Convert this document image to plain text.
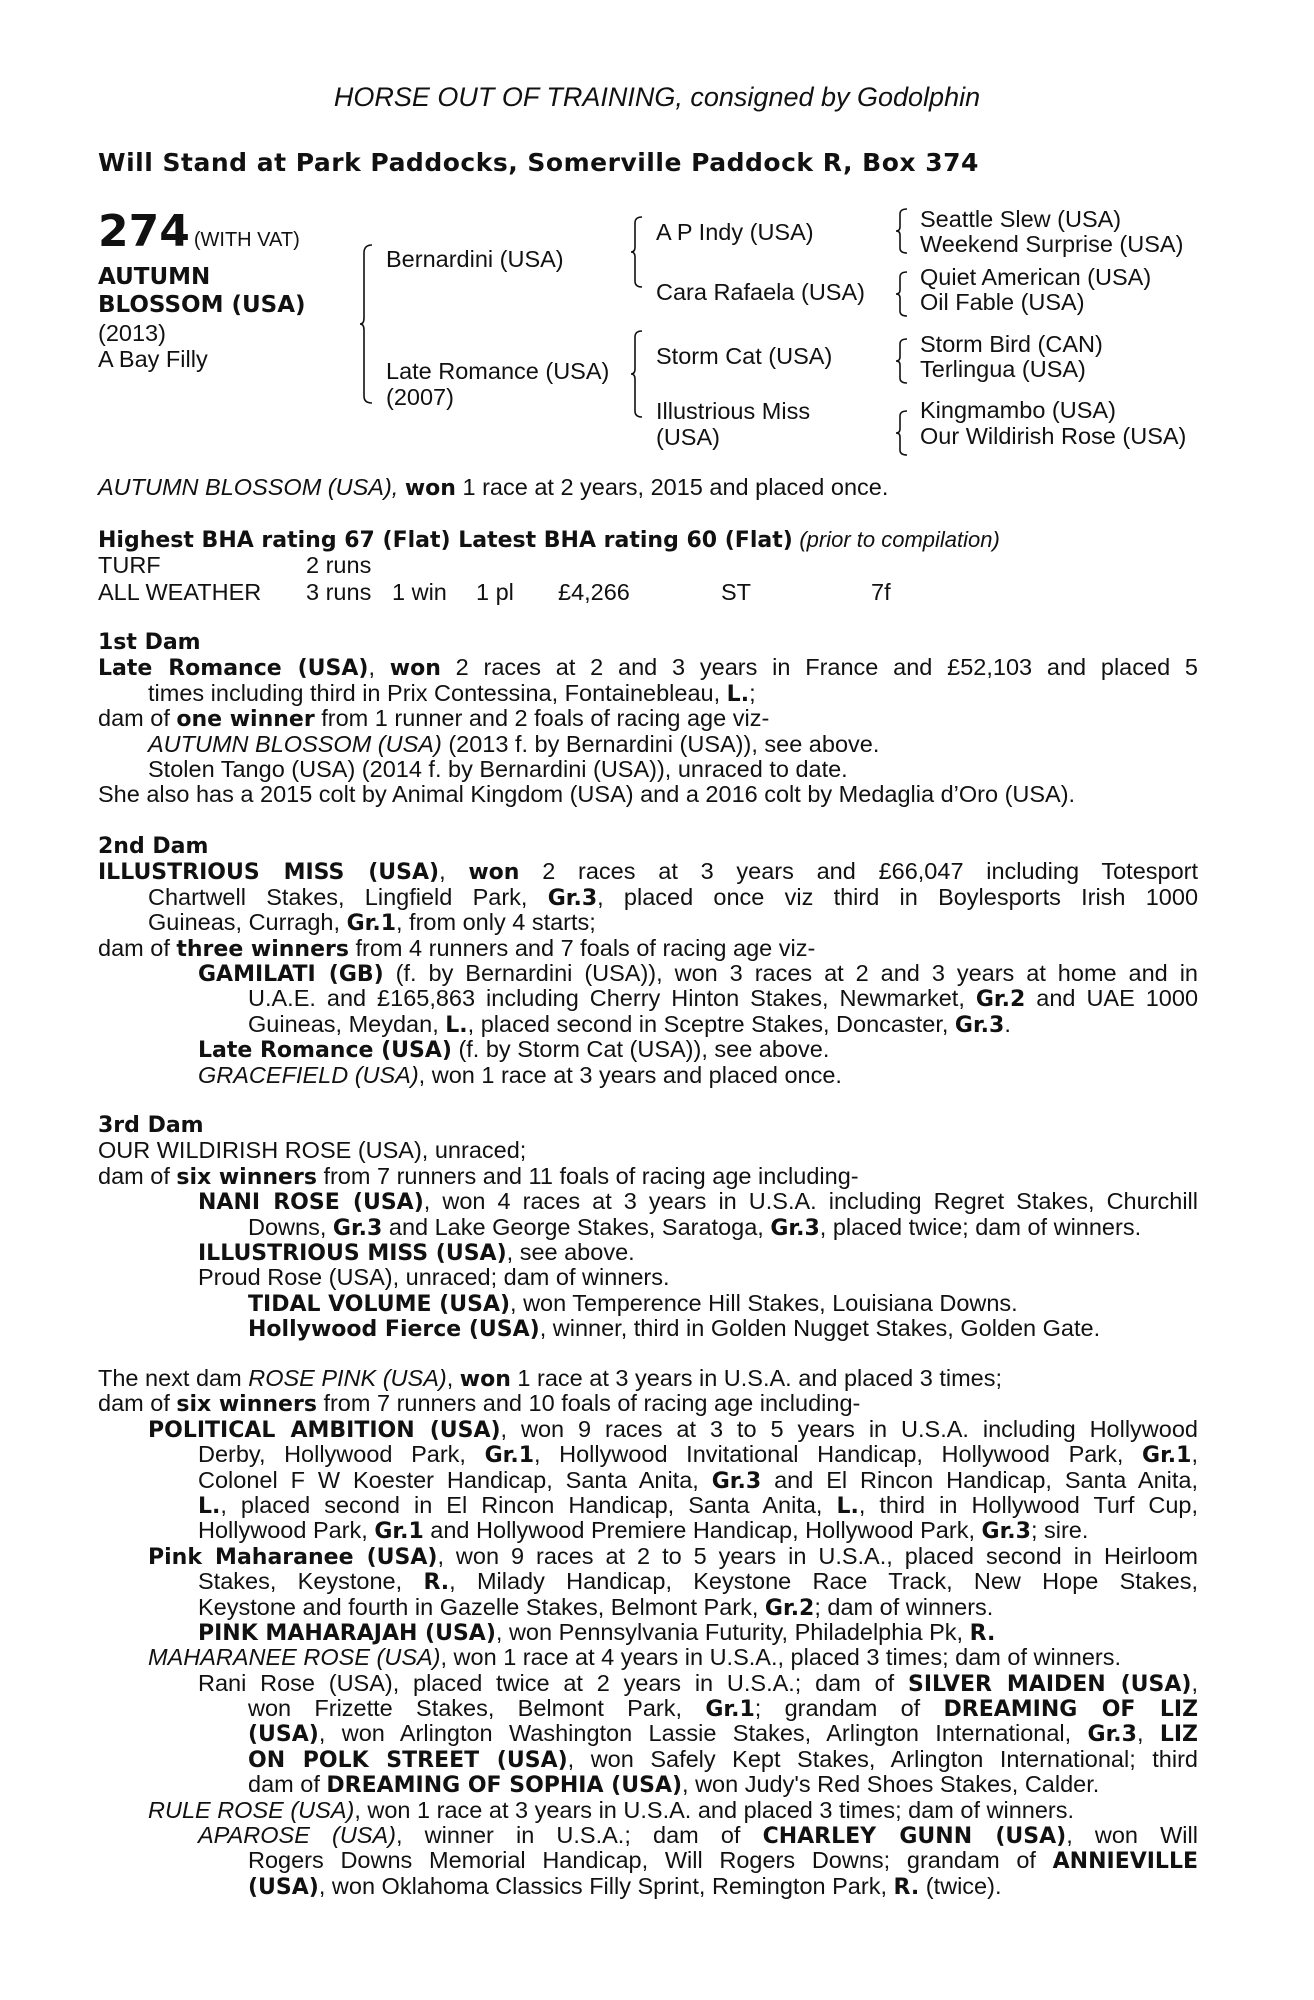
HORSE OUT OF TRAINING, consigned by Godolphin
Will Stand at Park Paddocks, Somerville Paddock R, Box 374
274 (WITH VAT)
AUTUMN
BLOSSOM (USA)
(2013)
A Bay Filly
Bernardini (USA)
Late Romance (USA)
(2007)
A P Indy (USA)
Cara Rafaela (USA)
Storm Cat (USA)
Illustrious Miss
(USA)
Seattle Slew (USA)
Weekend Surprise (USA)
Quiet American (USA)
Oil Fable (USA)
Storm Bird (CAN)
Terlingua (USA)
Kingmambo (USA)
Our Wildirish Rose (USA)
AUTUMN BLOSSOM (USA), won 1 race at 2 years, 2015 and placed once.
Highest BHA rating 67 (Flat) Latest BHA rating 60 (Flat) (prior to compilation)
TURF	2 runs					
ALL WEATHER	3 runs	1 win	1 pl	£4,266	ST	7f
1st Dam
Late Romance (USA), won 2 races at 2 and 3 years in France and £52,103 and placed 5
times including third in Prix Contessina, Fontainebleau, L.;
dam of one winner from 1 runner and 2 foals of racing age viz-
AUTUMN BLOSSOM (USA) (2013 f. by Bernardini (USA)), see above.
Stolen Tango (USA) (2014 f. by Bernardini (USA)), unraced to date.
She also has a 2015 colt by Animal Kingdom (USA) and a 2016 colt by Medaglia d’Oro (USA).
2nd Dam
ILLUSTRIOUS MISS (USA), won 2 races at 3 years and £66,047 including Totesport
Chartwell Stakes, Lingfield Park, Gr.3, placed once viz third in Boylesports Irish 1000
Guineas, Curragh, Gr.1, from only 4 starts;
dam of three winners from 4 runners and 7 foals of racing age viz-
GAMILATI (GB) (f. by Bernardini (USA)), won 3 races at 2 and 3 years at home and in
U.A.E. and £165,863 including Cherry Hinton Stakes, Newmarket, Gr.2 and UAE 1000
Guineas, Meydan, L., placed second in Sceptre Stakes, Doncaster, Gr.3.
Late Romance (USA) (f. by Storm Cat (USA)), see above.
GRACEFIELD (USA), won 1 race at 3 years and placed once.
3rd Dam
OUR WILDIRISH ROSE (USA), unraced;
dam of six winners from 7 runners and 11 foals of racing age including-
NANI ROSE (USA), won 4 races at 3 years in U.S.A. including Regret Stakes, Churchill
Downs, Gr.3 and Lake George Stakes, Saratoga, Gr.3, placed twice; dam of winners.
ILLUSTRIOUS MISS (USA), see above.
Proud Rose (USA), unraced; dam of winners.
TIDAL VOLUME (USA), won Temperence Hill Stakes, Louisiana Downs.
Hollywood Fierce (USA), winner, third in Golden Nugget Stakes, Golden Gate.
The next dam ROSE PINK (USA), won 1 race at 3 years in U.S.A. and placed 3 times;
dam of six winners from 7 runners and 10 foals of racing age including-
POLITICAL AMBITION (USA), won 9 races at 3 to 5 years in U.S.A. including Hollywood
Derby, Hollywood Park, Gr.1, Hollywood Invitational Handicap, Hollywood Park, Gr.1,
Colonel F W Koester Handicap, Santa Anita, Gr.3 and El Rincon Handicap, Santa Anita,
L., placed second in El Rincon Handicap, Santa Anita, L., third in Hollywood Turf Cup,
Hollywood Park, Gr.1 and Hollywood Premiere Handicap, Hollywood Park, Gr.3; sire.
Pink Maharanee (USA), won 9 races at 2 to 5 years in U.S.A., placed second in Heirloom
Stakes, Keystone, R., Milady Handicap, Keystone Race Track, New Hope Stakes,
Keystone and fourth in Gazelle Stakes, Belmont Park, Gr.2; dam of winners.
PINK MAHARAJAH (USA), won Pennsylvania Futurity, Philadelphia Pk, R.
MAHARANEE ROSE (USA), won 1 race at 4 years in U.S.A., placed 3 times; dam of winners.
Rani Rose (USA), placed twice at 2 years in U.S.A.; dam of SILVER MAIDEN (USA),
won Frizette Stakes, Belmont Park, Gr.1; grandam of DREAMING OF LIZ
(USA), won Arlington Washington Lassie Stakes, Arlington International, Gr.3, LIZ
ON POLK STREET (USA), won Safely Kept Stakes, Arlington International; third
dam of DREAMING OF SOPHIA (USA), won Judy's Red Shoes Stakes, Calder.
RULE ROSE (USA), won 1 race at 3 years in U.S.A. and placed 3 times; dam of winners.
APAROSE (USA), winner in U.S.A.; dam of CHARLEY GUNN (USA), won Will
Rogers Downs Memorial Handicap, Will Rogers Downs; grandam of ANNIEVILLE
(USA), won Oklahoma Classics Filly Sprint, Remington Park, R. (twice).
